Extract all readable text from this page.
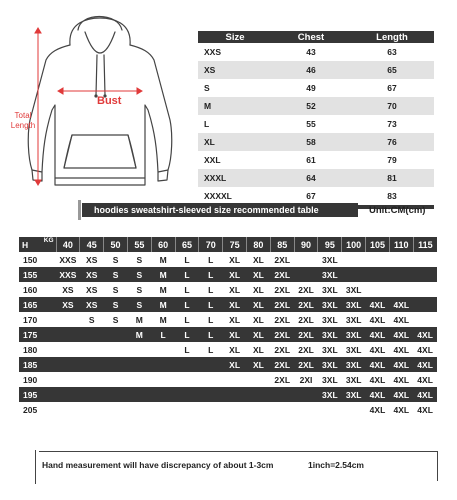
Bust
Total Length
Size	Chest	Length
XXS	43	63
XS	46	65
S	49	67
M	52	70
L	55	73
XL	58	76
XXL	61	79
XXXL	64	81
XXXXL	67	83

hoodies sweatshirt-sleeved size recommended table	Unit:CM(cm)
H KG	40	45	50	55	60	65	70	75	80	85	90	95	100	105	110	115
150	XXS	XS	S	S	M	L	L	XL	XL	2XL		3XL				
155	XXS	XS	S	S	M	L	L	XL	XL	2XL		3XL				
160	XS	XS	S	S	M	L	L	XL	XL	2XL	2XL	3XL	3XL			
165	XS	XS	S	S	M	L	L	XL	XL	2XL	2XL	3XL	3XL	4XL	4XL	
170		S	S	M	M	L	L	XL	XL	2XL	2XL	3XL	3XL	4XL	4XL	
175				M	L	L	L	XL	XL	2XL	2XL	3XL	3XL	4XL	4XL	4XL
180						L	L	XL	XL	2XL	2XL	3XL	3XL	4XL	4XL	4XL
185								XL	XL	2XL	2XL	3XL	3XL	4XL	4XL	4XL
190										2XL	2XI	3XL	3XL	4XL	4XL	4XL
195												3XL	3XL	4XL	4XL	4XL
205														4XL	4XL	4XL
Hand measurement will have discrepancy of about 1-3cm	1inch=2.54cm
